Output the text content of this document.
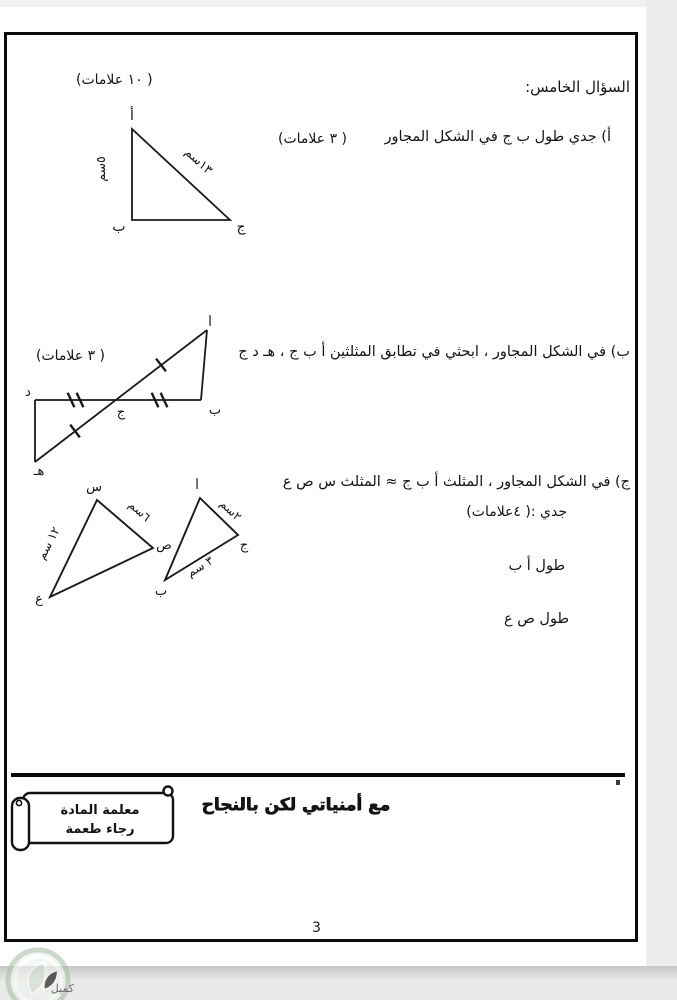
السؤال الخامس:
( ١٠ علامات)
أ) جدي طول ب ج في الشكل المجاور
( ٣ علامات)
أ
ب	ج
٥سم	١٣سم
ب) في الشكل المجاور ، ابحثي في تطابق المثلثين أ ب ج ، هـ د ج
( ٣ علامات)
أ
ب
د
ج
هـ
ج) في الشكل المجاور ، المثلث أ ب ج ≈ المثلث س ص ع
جدي :( ٤علامات)
س
ص
ع
٦سم
١٢ سم
أ
ج
ب
٢سم
٣ سم	طول أ ب
طول ص ع
معلمة المادة
رجاء طعمة
مع أمنياتي لكن بالنجاح
3
كميل
